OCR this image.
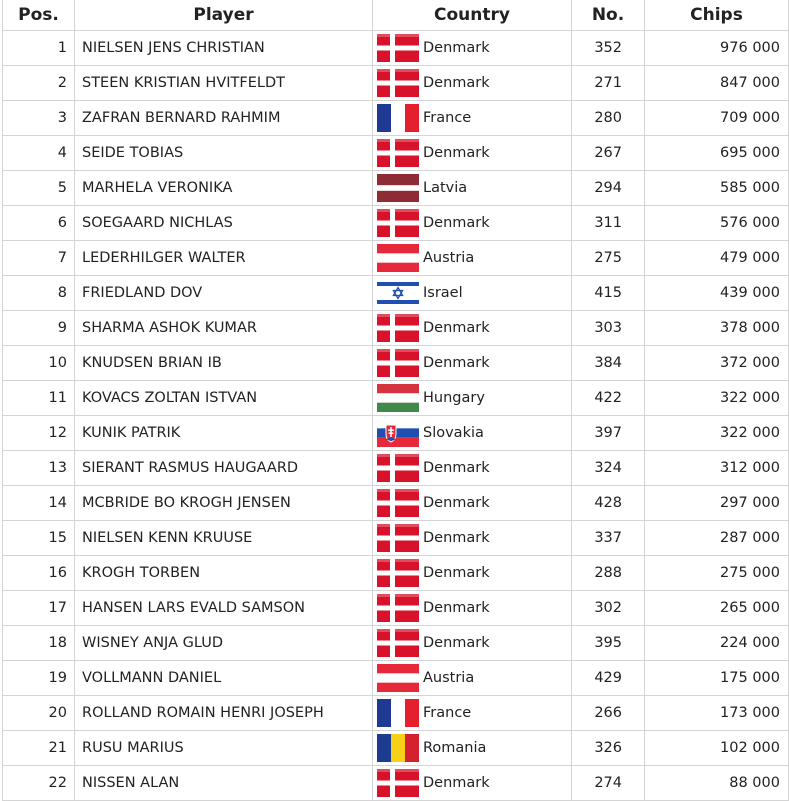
Pos.	Player	Country	No.	Chips
1	NIELSEN JENS CHRISTIAN	Denmark	352	976 000
2	STEEN KRISTIAN HVITFELDT	Denmark	271	847 000
3	ZAFRAN BERNARD RAHMIM	France	280	709 000
4	SEIDE TOBIAS	Denmark	267	695 000
5	MARHELA VERONIKA	Latvia	294	585 000
6	SOEGAARD NICHLAS	Denmark	311	576 000
7	LEDERHILGER WALTER	Austria	275	479 000
8	FRIEDLAND DOV	Israel	415	439 000
9	SHARMA ASHOK KUMAR	Denmark	303	378 000
10	KNUDSEN BRIAN IB	Denmark	384	372 000
11	KOVACS ZOLTAN ISTVAN	Hungary	422	322 000
12	KUNIK PATRIK	Slovakia	397	322 000
13	SIERANT RASMUS HAUGAARD	Denmark	324	312 000
14	MCBRIDE BO KROGH JENSEN	Denmark	428	297 000
15	NIELSEN KENN KRUUSE	Denmark	337	287 000
16	KROGH TORBEN	Denmark	288	275 000
17	HANSEN LARS EVALD SAMSON	Denmark	302	265 000
18	WISNEY ANJA GLUD	Denmark	395	224 000
19	VOLLMANN DANIEL	Austria	429	175 000
20	ROLLAND ROMAIN HENRI JOSEPH	France	266	173 000
21	RUSU MARIUS	Romania	326	102 000
22	NISSEN ALAN	Denmark	274	88 000
